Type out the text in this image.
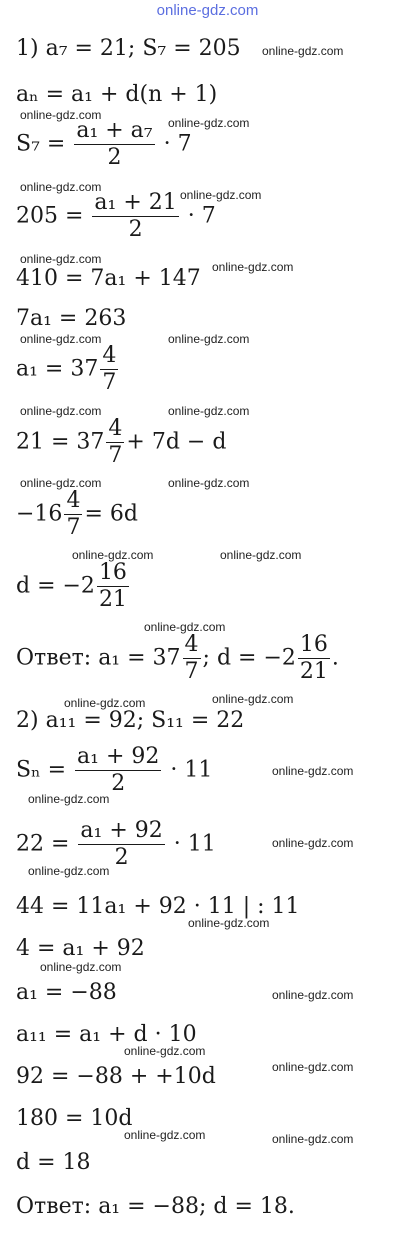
online-gdz.com
1) a₇ = 21; S₇ = 205
aₙ = a₁ + d(n + 1)
$S_7 = \frac{\text{a₁ + a₇}}{2} \cdot 7$
$205 = \frac{\text{a₁ + 21}}{2} \cdot 7$
410 = 7a₁ + 147
7a₁ = 263
$a_1 = 37 \frac{4}{7}$
$21 = 37 \frac{4}{7} + 7d - d$
$-16 \frac{4}{7} = 6d$
$d = -2 \frac{16}{21}$
Ответ: $a_1 = 37 \frac{4}{7}$ ; $d = -2 \frac{16}{21}$ .
2) a₁₁ = 92; S₁₁ = 22
$S_n = \frac{\text{a₁ + 92}}{2} \cdot 11$
$22 = \frac{\text{a₁ + 92}}{2} \cdot 11$
44 = 11a₁ + 92 · 11 | : 11
4 = a₁ + 92
a₁ = −88
a₁₁ = a₁ + d · 10
92 = −88 + +10d
180 = 10d
d = 18
Ответ: a₁ = −88; d = 18.
online-gdz.com
online-gdz.com
online-gdz.com
online-gdz.com
online-gdz.com
online-gdz.com
online-gdz.com
online-gdz.com	online-gdz.com
online-gdz.com	online-gdz.com
online-gdz.com	online-gdz.com
online-gdz.com	online-gdz.com
online-gdz.com
online-gdz.com	online-gdz.com
online-gdz.com
online-gdz.com
online-gdz.com
online-gdz.com
online-gdz.com
online-gdz.com
online-gdz.com
online-gdz.com
online-gdz.com
online-gdz.com	online-gdz.com
